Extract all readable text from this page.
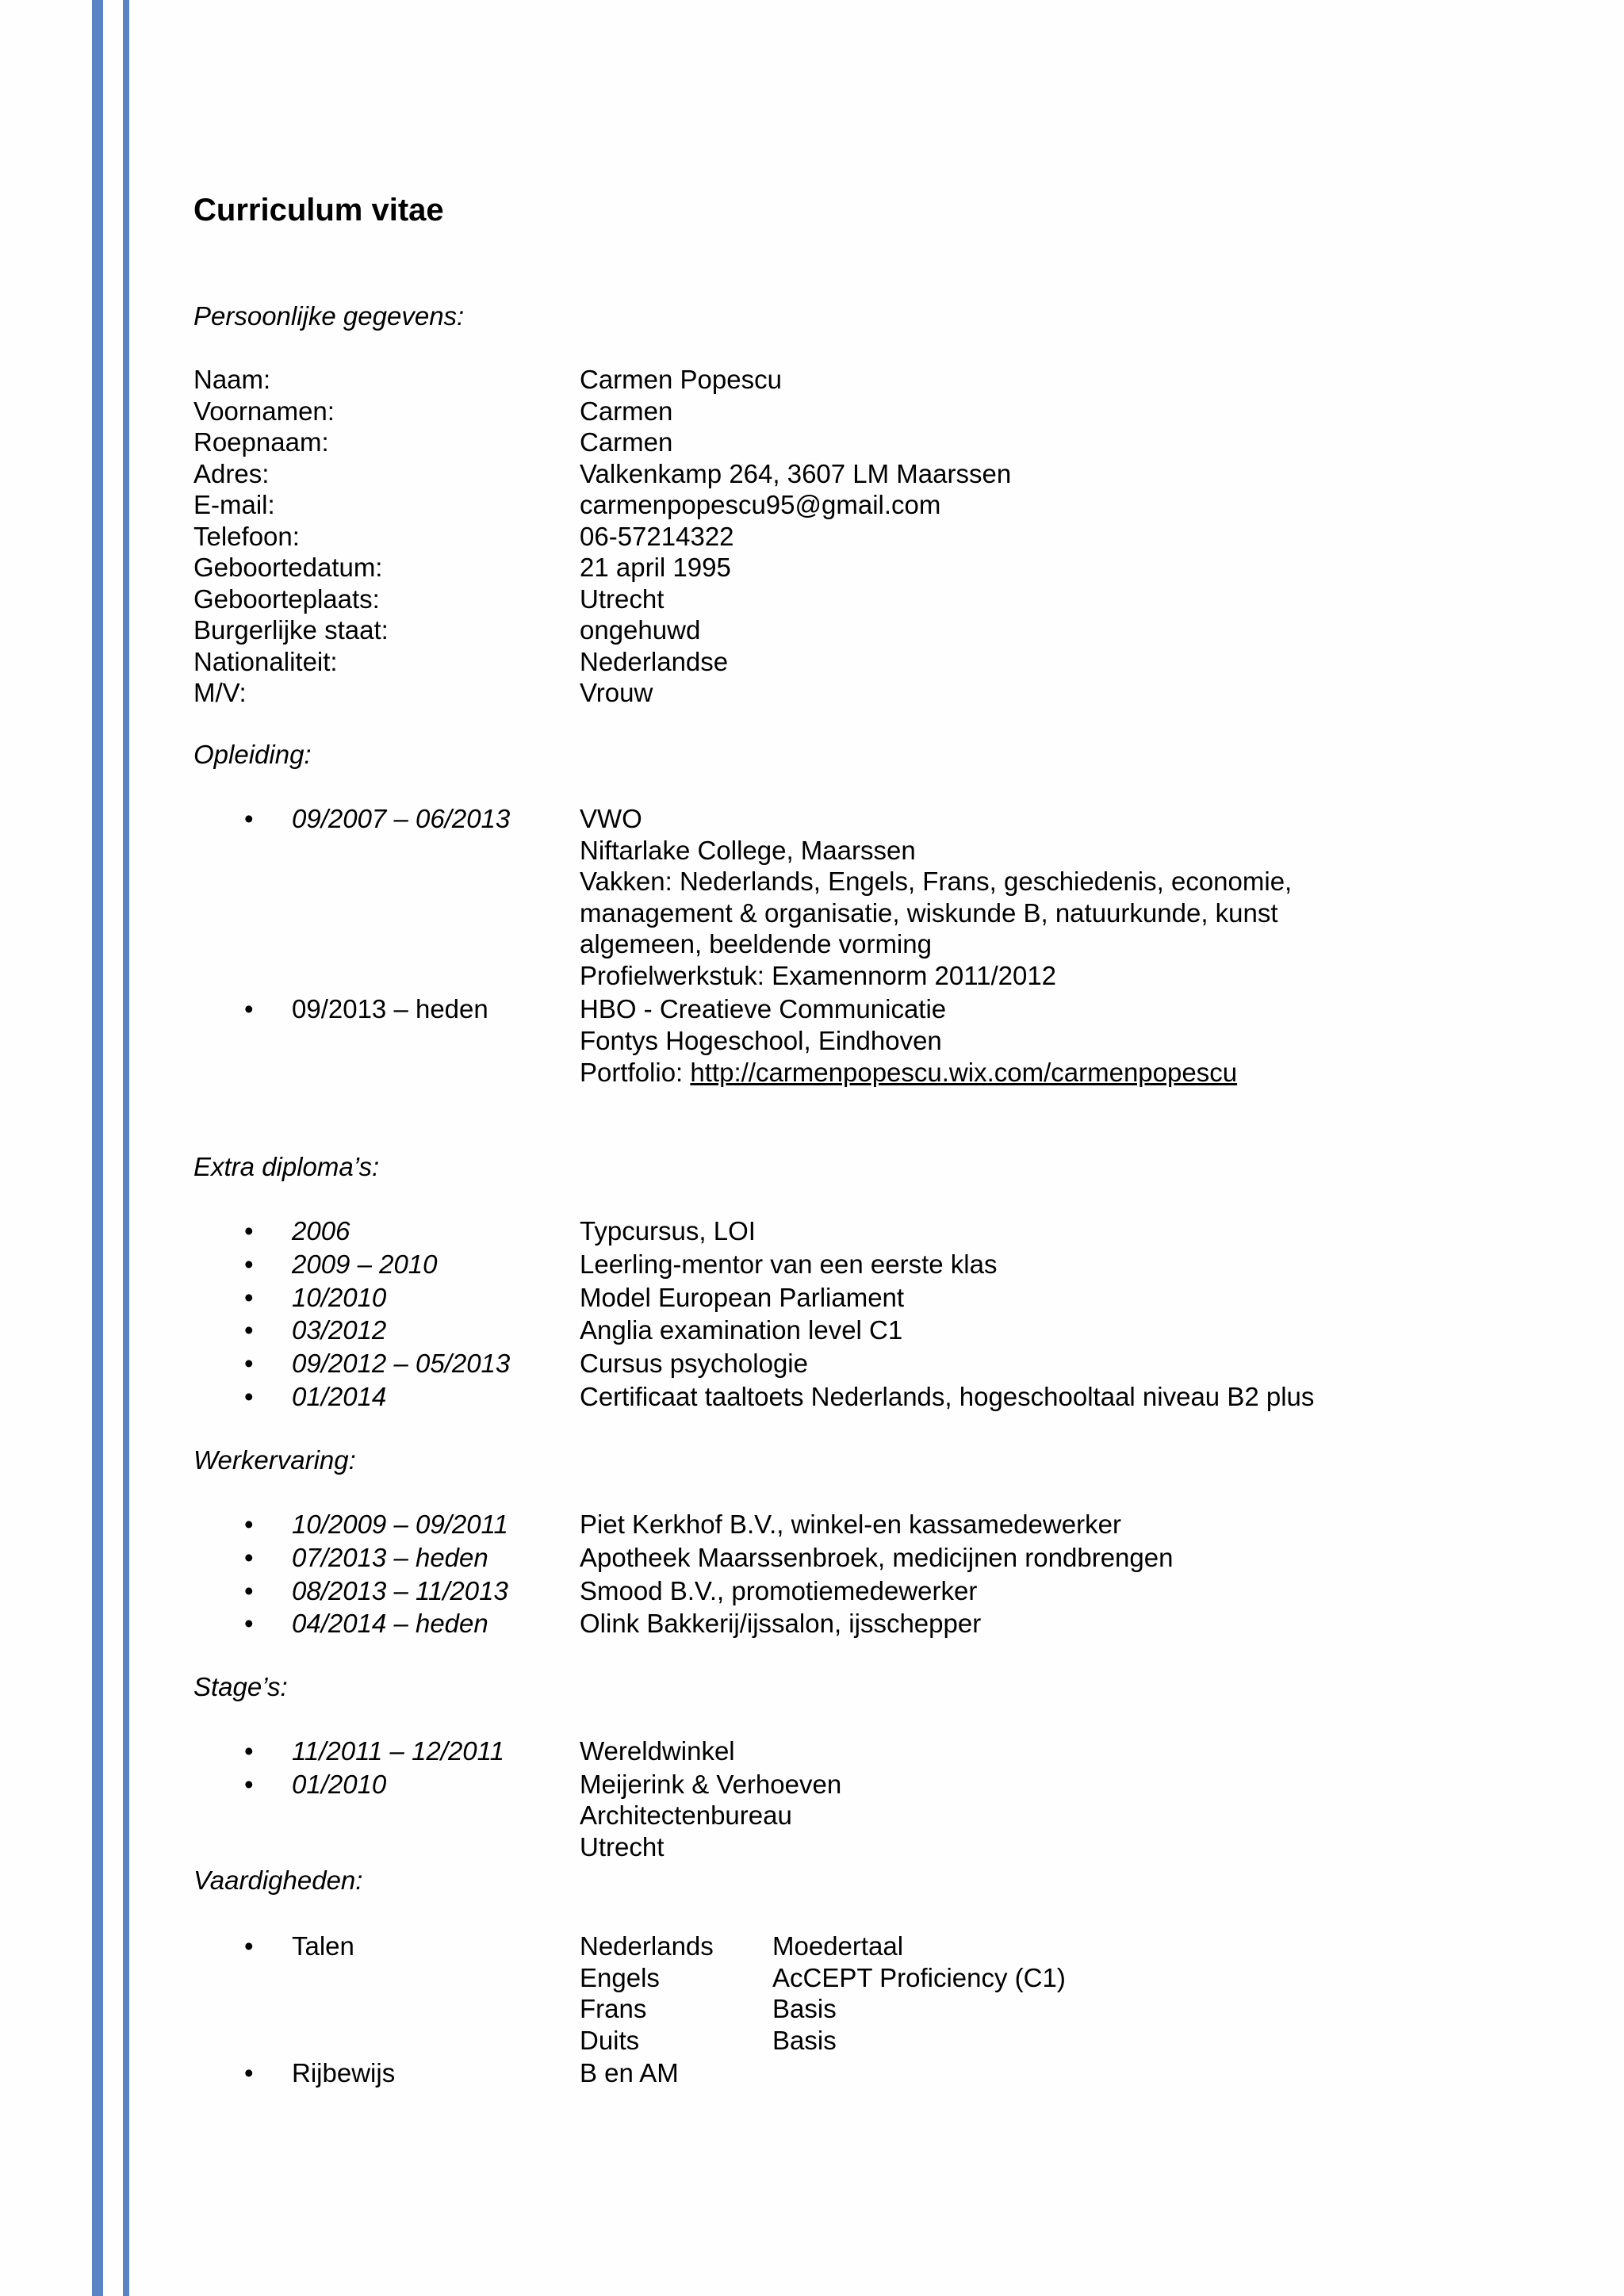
Curriculum vitae
Persoonlijke gegevens:
Naam:	Carmen Popescu
Voornamen:	Carmen
Roepnaam:	Carmen
Adres:	Valkenkamp 264, 3607 LM Maarssen
E-mail:	carmenpopescu95@gmail.com
Telefoon:	06-57214322
Geboortedatum:	21 april 1995
Geboorteplaats:	Utrecht
Burgerlijke staat:	ongehuwd
Nationaliteit:	Nederlandse
M/V:	Vrouw
Opleiding:
• 09/2007 – 06/2013	VWO
Niftarlake College, Maarssen
Vakken: Nederlands, Engels, Frans, geschiedenis, economie,
management & organisatie, wiskunde B, natuurkunde, kunst
algemeen, beeldende vorming
Profielwerkstuk: Examennorm 2011/2012
• 09/2013 – heden	HBO - Creatieve Communicatie
Fontys Hogeschool, Eindhoven
Portfolio: http://carmenpopescu.wix.com/carmenpopescu
Extra diploma’s:
• 2006	Typcursus, LOI
• 2009 – 2010	Leerling-mentor van een eerste klas
• 10/2010	Model European Parliament
• 03/2012	Anglia examination level C1
• 09/2012 – 05/2013	Cursus psychologie
• 01/2014	Certificaat taaltoets Nederlands, hogeschooltaal niveau B2 plus
Werkervaring:
• 10/2009 – 09/2011	Piet Kerkhof B.V., winkel-en kassamedewerker
• 07/2013 – heden	Apotheek Maarssenbroek, medicijnen rondbrengen
• 08/2013 – 11/2013	Smood B.V., promotiemedewerker
• 04/2014 – heden	Olink Bakkerij/ijssalon, ijsschepper
Stage’s:
• 11/2011 – 12/2011	Wereldwinkel
• 01/2010	Meijerink & Verhoeven
Architectenbureau
Utrecht
Vaardigheden:
• Talen	Nederlands Moedertaal
Engels	AcCEPT Proficiency (C1)
Frans	Basis
Duits	Basis
• Rijbewijs	B en AM
